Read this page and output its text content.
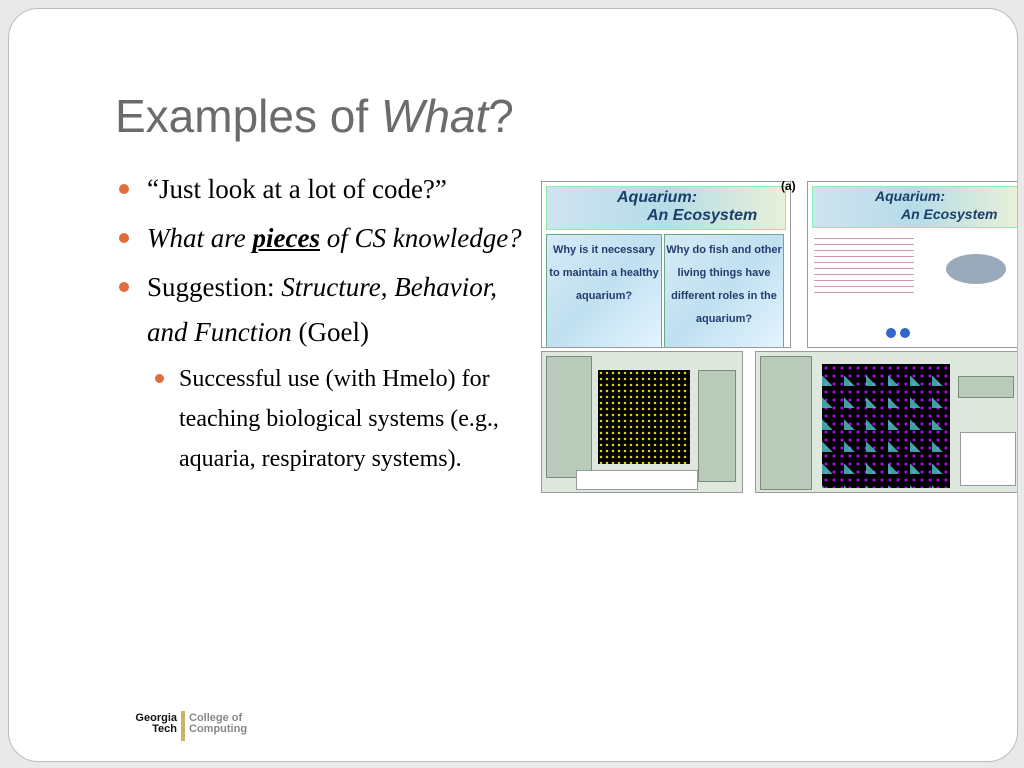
Examples of What?
“Just look at a lot of code?”
What are pieces of CS knowledge?
Suggestion: Structure, Behavior, and Function (Goel)
Successful use (with Hmelo) for teaching biological systems (e.g., aquaria, respiratory systems).
Aquarium:
An Ecosystem
Why is it necessary to maintain a healthy aquarium?
Why do fish and other living things have different roles in the aquarium?
(a)
Aquarium:
An Ecosystem
Georgia
Tech
College of
Computing
